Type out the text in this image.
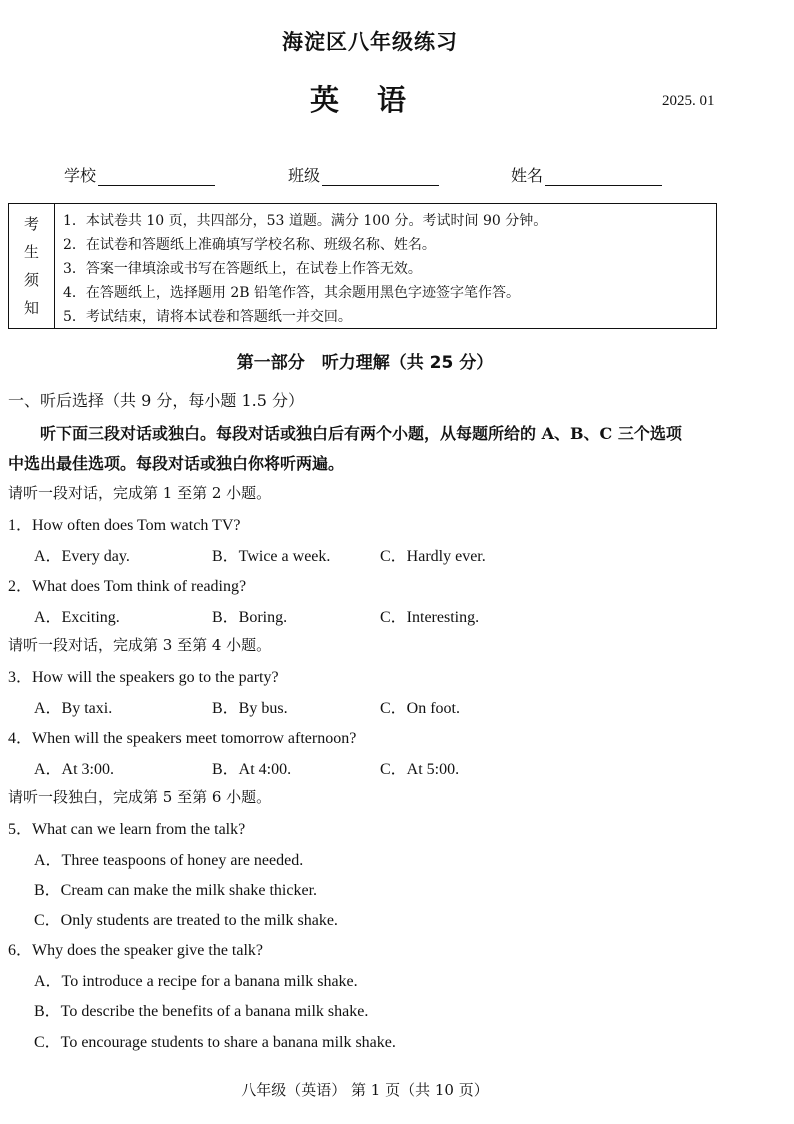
海淀区八年级练习
英 语	2025. 01
学校	班级	姓名
考
生
须
知
1．本试卷共 10 页，共四部分，53 道题。满分 100 分。考试时间 90 分钟。
2．在试卷和答题纸上准确填写学校名称、班级名称、姓名。
3．答案一律填涂或书写在答题纸上，在试卷上作答无效。
4．在答题纸上，选择题用 2B 铅笔作答，其余题用黑色字迹签字笔作答。
5．考试结束，请将本试卷和答题纸一并交回。
第一部分　听力理解（共 25 分）
一、听后选择（共 9 分，每小题 1.5 分）
听下面三段对话或独白。每段对话或独白后有两个小题，从每题所给的 A、B、C 三个选项
中选出最佳选项。每段对话或独白你将听两遍。
请听一段对话，完成第 1 至第 2 小题。
1．How often does Tom watch TV?
A．Every day.	B．Twice a week.	C．Hardly ever.
2．What does Tom think of reading?
A．Exciting.	B．Boring.	C．Interesting.
请听一段对话，完成第 3 至第 4 小题。
3．How will the speakers go to the party?
A．By taxi.	B．By bus.	C．On foot.
4．When will the speakers meet tomorrow afternoon?
A．At 3:00.	B．At 4:00.	C．At 5:00.
请听一段独白，完成第 5 至第 6 小题。
5．What can we learn from the talk?
A．Three teaspoons of honey are needed.
B．Cream can make the milk shake thicker.
C．Only students are treated to the milk shake.
6．Why does the speaker give the talk?
A．To introduce a recipe for a banana milk shake.
B．To describe the benefits of a banana milk shake.
C．To encourage students to share a banana milk shake.
八年级（英语） 第 1 页（共 10 页）
